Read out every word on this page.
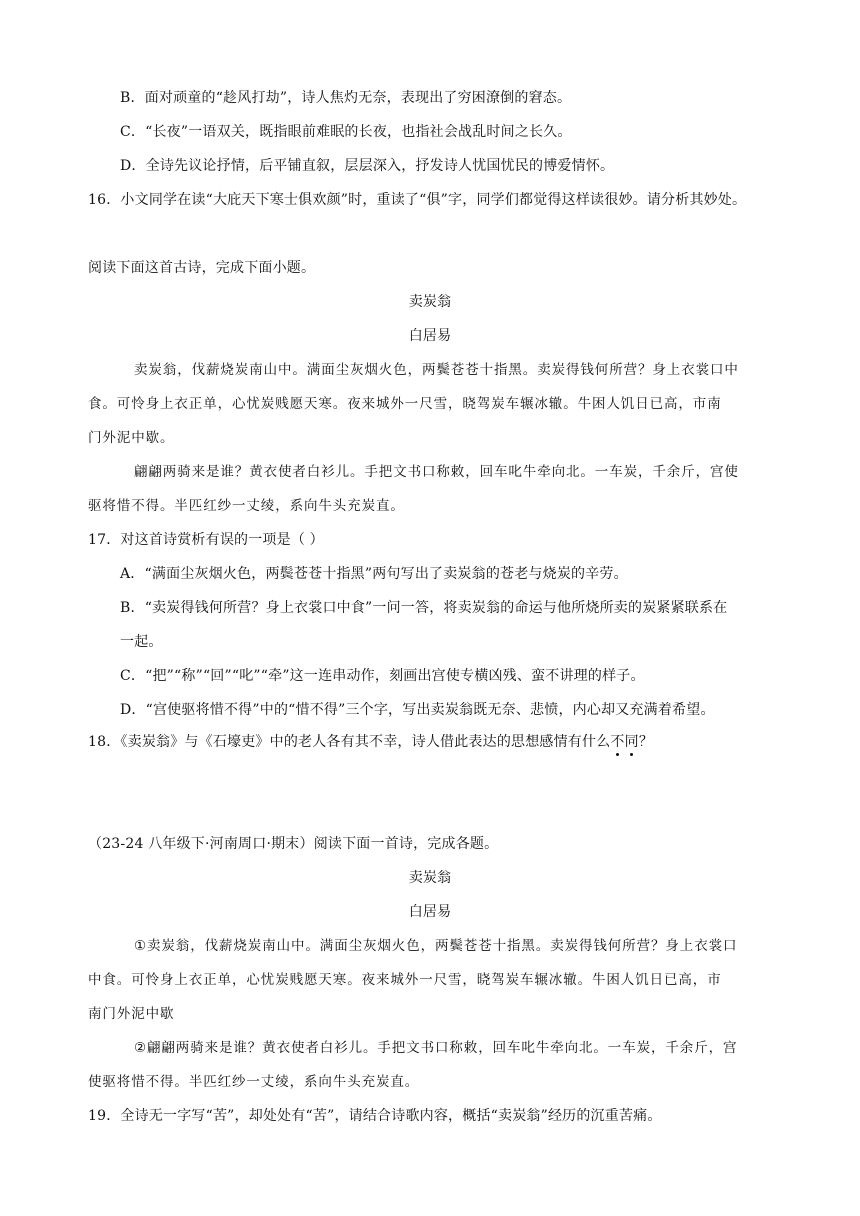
B．面对顽童的“趁风打劫”，诗人焦灼无奈，表现出了穷困潦倒的窘态。
C．“长夜”一语双关，既指眼前难眠的长夜，也指社会战乱时间之长久。
D．全诗先议论抒情，后平铺直叙，层层深入，抒发诗人忧国忧民的博爱情怀。
16．小文同学在读“大庇天下寒士俱欢颜”时，重读了“俱”字，同学们都觉得这样读很妙。请分析其妙处。
阅读下面这首古诗，完成下面小题。
卖炭翁
白居易
卖炭翁，伐薪烧炭南山中。满面尘灰烟火色，两鬓苍苍十指黑。卖炭得钱何所营？身上衣裳口中
食。可怜身上衣正单，心忧炭贱愿天寒。夜来城外一尺雪，晓驾炭车辗冰辙。牛困人饥日已高，市南
门外泥中歇。
翩翩两骑来是谁？黄衣使者白衫儿。手把文书口称敕，回车叱牛牵向北。一车炭，千余斤，宫使
驱将惜不得。半匹红纱一丈绫，系向牛头充炭直。
17．对这首诗赏析有误的一项是（ ）
A．“满面尘灰烟火色，两鬓苍苍十指黑”两句写出了卖炭翁的苍老与烧炭的辛劳。
B．“卖炭得钱何所营？身上衣裳口中食”一问一答，将卖炭翁的命运与他所烧所卖的炭紧紧联系在
一起。
C．“把”“称”“回”“叱”“牵”这一连串动作，刻画出宫使专横凶残、蛮不讲理的样子。
D．“宫使驱将惜不得”中的“惜不得”三个字，写出卖炭翁既无奈、悲愤，内心却又充满着希望。
18．《卖炭翁》与《石壕吏》中的老人各有其不幸，诗人借此表达的思想感情有什么不同？
（23-24 八年级下·河南周口·期末）阅读下面一首诗，完成各题。
卖炭翁
白居易
①卖炭翁，伐薪烧炭南山中。满面尘灰烟火色，两鬓苍苍十指黑。卖炭得钱何所营？身上衣裳口
中食。可怜身上衣正单，心忧炭贱愿天寒。夜来城外一尺雪，晓驾炭车辗冰辙。牛困人饥日已高，市
南门外泥中歇
②翩翩两骑来是谁？黄衣使者白衫儿。手把文书口称敕，回车叱牛牵向北。一车炭，千余斤，宫
使驱将惜不得。半匹红纱一丈绫，系向牛头充炭直。
19．全诗无一字写“苦”，却处处有“苦”，请结合诗歌内容，概括“卖炭翁”经历的沉重苦痛。
